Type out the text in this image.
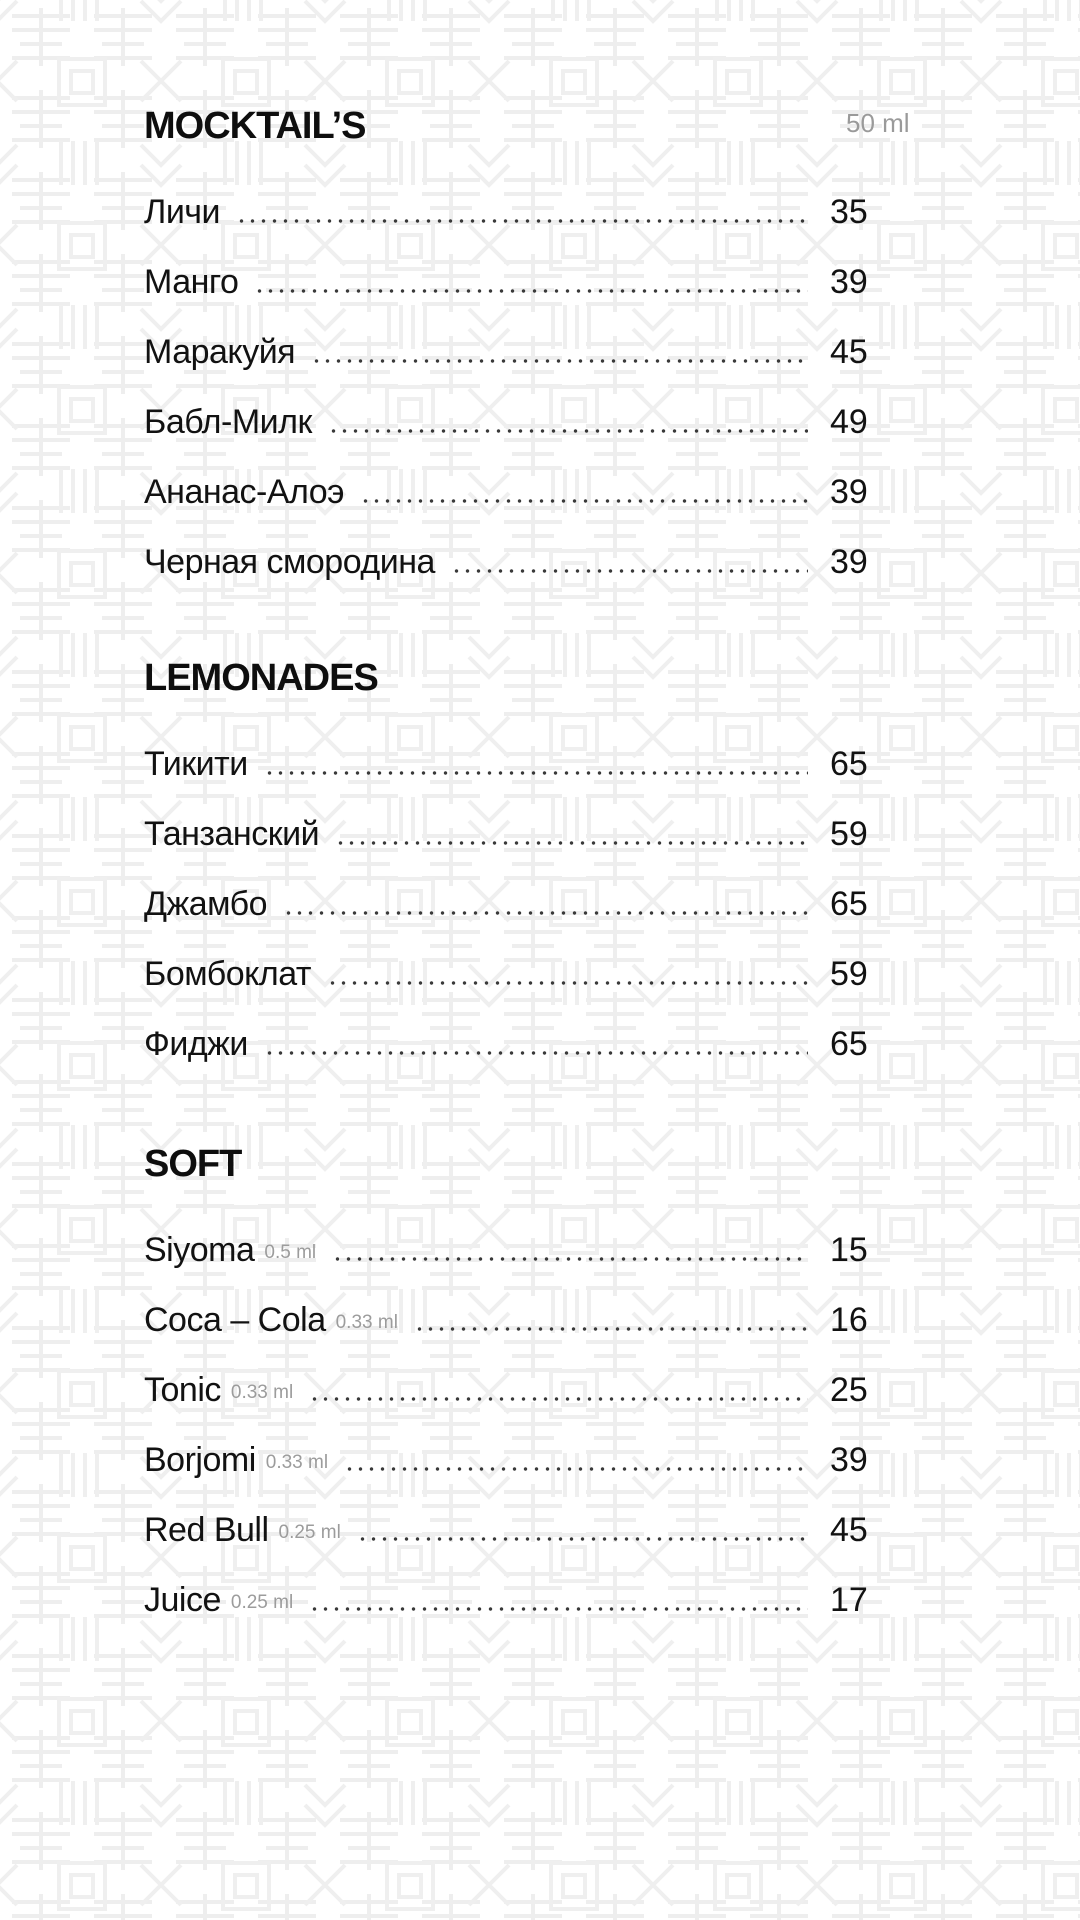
MOCKTAIL’S	50 ml
Личи	35
Манго	39
Маракуйя	45
Бабл-Милк	49
Ананас-Алоэ	39
Черная смородина	39
LEMONADES
Тикити	65
Танзанский	59
Джамбо	65
Бомбоклат	59
Фиджи	65
SOFT
Siyoma 0.5 ml	15
Coca – Cola 0.33 ml	16
Tonic 0.33 ml	25
Borjomi 0.33 ml	39
Red Bull 0.25 ml	45
Juice 0.25 ml	17
